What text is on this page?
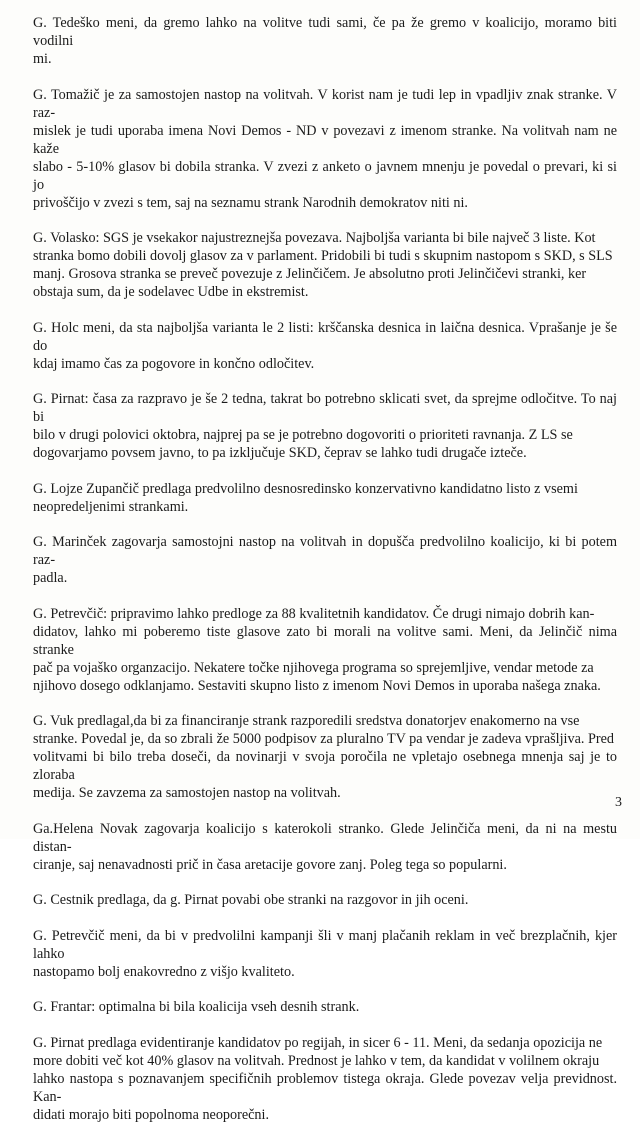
G. Tedeško meni, da gremo lahko na volitve tudi sami, če pa že gremo v koalicijo, moramo biti vodilni
mi.

G. Tomažič je za samostojen nastop na volitvah. V korist nam je tudi lep in vpadljiv znak stranke. V raz-
mislek je tudi uporaba imena Novi Demos - ND v povezavi z imenom stranke. Na volitvah nam ne kaže
slabo - 5-10% glasov bi dobila stranka. V zvezi z anketo o javnem mnenju je povedal o prevari, ki si jo
privoščijo v zvezi s tem, saj na seznamu strank Narodnih demokratov niti ni.

G. Volasko: SGS je vsekakor najustreznejša povezava. Najboljša varianta bi bile največ 3 liste. Kot
stranka bomo dobili dovolj glasov za v parlament. Pridobili bi tudi s skupnim nastopom s SKD, s SLS
manj. Grosova stranka se preveč povezuje z Jelinčičem. Je absolutno proti Jelinčičevi stranki, ker
obstaja sum, da je sodelavec Udbe in ekstremist.

G. Holc meni, da sta najboljša varianta le 2 listi: krščanska desnica in laična desnica. Vprašanje je še do
kdaj imamo čas za pogovore in končno odločitev.

G. Pirnat: časa za razpravo je še 2 tedna, takrat bo potrebno sklicati svet, da sprejme odločitve. To naj bi
bilo v drugi polovici oktobra, najprej pa se je potrebno dogovoriti o prioriteti ravnanja. Z LS se
dogovarjamo povsem javno, to pa izključuje SKD, čeprav se lahko tudi drugače izteče.

G. Lojze Zupančič predlaga predvolilno desnosredinsko konzervativno kandidatno listo z vsemi
neopredeljenimi strankami.

G. Marinček zagovarja samostojni nastop na volitvah in dopušča predvolilno koalicijo, ki bi potem raz-
padla.

G. Petrevčič: pripravimo lahko predloge za 88 kvalitetnih kandidatov. Če drugi nimajo dobrih kan-
didatov, lahko mi poberemo tiste glasove zato bi morali na volitve sami. Meni, da Jelinčič nima stranke
pač pa vojaško organzacijo. Nekatere točke njihovega programa so sprejemljive, vendar metode za
njihovo dosego odklanjamo. Sestaviti skupno listo z imenom Novi Demos in uporaba našega znaka.

G. Vuk predlagal,da bi za financiranje strank razporedili sredstva donatorjev enakomerno na vse
stranke. Povedal je, da so zbrali že 5000 podpisov za pluralno TV pa vendar je zadeva vprašljiva. Pred
volitvami bi bilo treba doseči, da novinarji v svoja poročila ne vpletajo osebnega mnenja saj je to zloraba
medija. Se zavzema za samostojen nastop na volitvah.

Ga.Helena Novak zagovarja koalicijo s katerokoli stranko. Glede Jelinčiča meni, da ni na mestu distan-
ciranje, saj nenavadnosti prič in časa aretacije govore zanj. Poleg tega so popularni.

G. Cestnik predlaga, da g. Pirnat povabi obe stranki na razgovor in jih oceni.

G. Petrevčič meni, da bi v predvolilni kampanji šli v manj plačanih reklam in več brezplačnih, kjer lahko
nastopamo bolj enakovredno z višjo kvaliteto.

G. Frantar: optimalna bi bila koalicija vseh desnih strank.

G. Pirnat predlaga evidentiranje kandidatov po regijah, in sicer 6 - 11. Meni, da sedanja opozicija ne
more dobiti več kot 40% glasov na volitvah. Prednost je lahko v tem, da kandidat v volilnem okraju
lahko nastopa s poznavanjem specifičnih problemov tistega okraja. Glede povezav velja previdnost. Kan-
didati morajo biti popolnoma neoporečni.

3
